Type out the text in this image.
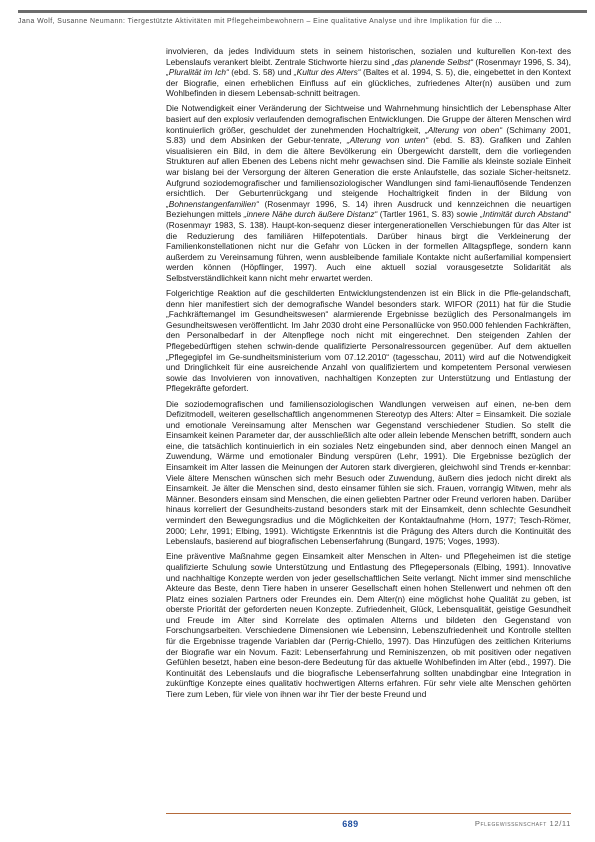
Jana Wolf, Susanne Neumann: Tiergestützte Aktivitäten mit Pflegeheimbewohnern – Eine qualitative Analyse und ihre Implikation für die …

involvieren, da jedes Individuum stets in seinem historischen, sozialen und kulturellen Kon-text des Lebenslaufs verankert bleibt. Zentrale Stichworte hierzu sind „das planende Selbst“ (Rosenmayr 1996, S. 34), „Pluralität im Ich“ (ebd. S. 58) und „Kultur des Alters“ (Baltes et al. 1994, S. 5), die, eingebettet in den Kontext der Biografie, einen erheblichen Einfluss auf ein glückliches, zufriedenes Alter(n) ausüben und zum Wohlbefinden in diesem Lebensab-schnitt beitragen.

Die Notwendigkeit einer Veränderung der Sichtweise und Wahrnehmung hinsichtlich der Lebensphase Alter basiert auf den explosiv verlaufenden demografischen Entwicklungen. Die Gruppe der älteren Menschen wird kontinuierlich größer, geschuldet der zunehmenden Hochaltrigkeit, „Alterung von oben“ (Schimany 2001, S.83) und dem Absinken der Gebur-tenrate, „Alterung von unten“ (ebd. S. 83). Grafiken und Zahlen visualisieren ein Bild, in dem die ältere Bevölkerung ein Übergewicht darstellt, dem die vorliegenden Strukturen auf allen Ebenen des Lebens nicht mehr gewachsen sind. Die Familie als kleinste soziale Einheit war bislang bei der Versorgung der älteren Generation die erste Anlaufstelle, das soziale Sicher-heitsnetz. Aufgrund soziodemografischer und familiensoziologischer Wandlungen sind fami-lienauflösende Tendenzen ersichtlich. Der Geburtenrückgang und steigende Hochaltrigkeit finden in der Bildung von „Bohnenstangenfamilien“ (Rosenmayr 1996, S. 14) ihren Ausdruck und kennzeichnen die neuartigen Beziehungen mittels „innere Nähe durch äußere Distanz“ (Tartler 1961, S. 83) sowie „Intimität durch Abstand“ (Rosenmayr 1983, S. 138). Haupt-kon-sequenz dieser intergenerationellen Verschiebungen für das Alter ist die Reduzierung des familiären Hilfepotentials. Darüber hinaus birgt die Verkleinerung der Familienkonstellationen nicht nur die Gefahr von Lücken in der formellen Alltagspflege, sondern kann außerdem zu Vereinsamung führen, wenn ausbleibende familiale Kontakte nicht außerfamilial kompensiert werden können (Höpflinger, 1997). Auch eine aktuell sozial vorausgesetzte Solidarität als Selbstverständlichkeit kann nicht mehr erwartet werden.

Folgerichtige Reaktion auf die geschilderten Entwicklungstendenzen ist ein Blick in die Pfle-gelandschaft, denn hier manifestiert sich der demografische Wandel besonders stark. WIFOR (2011) hat für die Studie „Fachkräftemangel im Gesundheitswesen“ alarmierende Ergebnisse bezüglich des Personalmangels im Gesundheitswesen veröffentlicht. Im Jahr 2030 droht eine Personallücke von 950.000 fehlenden Fachkräften, den Personalbedarf in der Altenpflege noch nicht mit eingerechnet. Den steigenden Zahlen der Pflegebedürftigen stehen schwin-dende qualifizierte Personalressourcen gegenüber. Auf dem aktuellen „Pflegegipfel im Ge-sundheitsministerium vom 07.12.2010“ (tagesschau, 2011) wird auf die Notwendigkeit und Dringlichkeit für eine ausreichende Anzahl von qualifiziertem und kompetentem Personal verwiesen sowie das Involvieren von innovativen, nachhaltigen Konzepten zur Unterstützung und Entlastung der Pflegekräfte gefordert.

Die soziodemografischen und familiensoziologischen Wandlungen verweisen auf einen, ne-ben dem Defizitmodell, weiteren gesellschaftlich angenommenen Stereotyp des Alters: Alter = Einsamkeit. Die soziale und emotionale Vereinsamung alter Menschen war Gegenstand verschiedener Studien. So stellt die Einsamkeit keinen Parameter dar, der ausschließlich alte oder allein lebende Menschen betrifft, sondern auch eine, die tatsächlich kontinuierlich in ein soziales Netz eingebunden sind, aber dennoch einen Mangel an Zuwendung, Wärme und emotionaler Bindung verspüren (Lehr, 1991). Die Ergebnisse bezüglich der Einsamkeit im Alter lassen die Meinungen der Autoren stark divergieren, gleichwohl sind Trends er-kennbar: Viele ältere Menschen wünschen sich mehr Besuch oder Zuwendung, äußern dies jedoch nicht direkt als Einsamkeit. Je älter die Menschen sind, desto einsamer fühlen sie sich. Frauen, vorrangig Witwen, mehr als Männer. Besonders einsam sind Menschen, die einen geliebten Partner oder Freund verloren haben. Darüber hinaus korreliert der Gesundheits-zustand besonders stark mit der Einsamkeit, denn schlechte Gesundheit vermindert den Bewegungsradius und die Möglichkeiten der Kontaktaufnahme (Horn, 1977; Tesch-Römer, 2000; Lehr, 1991; Elbing, 1991). Wichtigste Erkenntnis ist die Prägung des Alters durch die Kontinuität des Lebenslaufs, basierend auf biografischen Lebenserfahrung (Bungard, 1975; Voges, 1993).

Eine präventive Maßnahme gegen Einsamkeit alter Menschen in Alten- und Pflegeheimen ist die stetige qualifizierte Schulung sowie Unterstützung und Entlastung des Pflegepersonals (Elbing, 1991). Innovative und nachhaltige Konzepte werden von jeder gesellschaftlichen Seite verlangt. Nicht immer sind menschliche Akteure das Beste, denn Tiere haben in unserer Gesellschaft einen hohen Stellenwert und nehmen oft den Platz eines sozialen Partners oder Freundes ein. Dem Alter(n) eine möglichst hohe Qualität zu geben, ist oberste Priorität der geforderten neuen Konzepte. Zufriedenheit, Glück, Lebensqualität, geistige Gesundheit und Freude im Alter sind Korrelate des optimalen Alterns und bildeten den Gegenstand von Forschungsarbeiten. Verschiedene Dimensionen wie Lebensinn, Lebenszufriedenheit und Kontrolle stellten für die Ergebnisse tragende Variablen dar (Perrig-Chiello, 1997). Das Hinzufügen des zeitlichen Kriteriums der Biografie war ein Novum. Fazit: Lebenserfahrung und Reminiszenzen, ob mit positiven oder negativen Gefühlen besetzt, haben eine beson-dere Bedeutung für das aktuelle Wohlbefinden im Alter (ebd., 1997). Die Kontinuität des Lebenslaufs und die biografische Lebenserfahrung sollten unabdingbar eine Integration in zukünftige Konzepte eines qualitativ hochwertigen Alterns erfahren. Für sehr viele alte Menschen gehörten Tiere zum Leben, für viele von ihnen war ihr Tier der beste Freund und

689	Pflegewissenschaft 12/11
